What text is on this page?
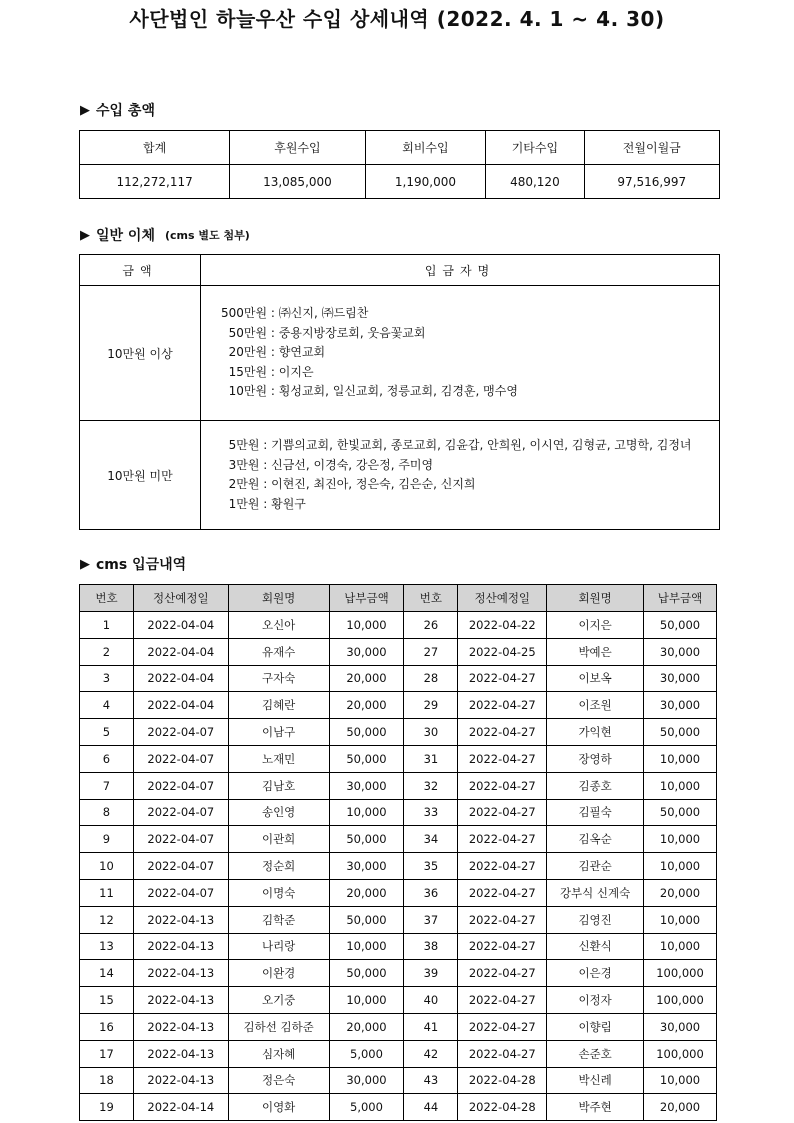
사단법인 하늘우산 수입 상세내역 (2022. 4. 1 ~ 4. 30)
▶ 수입 총액
합계	후원수입	회비수입	기타수입	전월이월금
112,272,117	13,085,000	1,190,000	480,120	97,516,997
▶ 일반 이체 (cms 별도 첨부)
금액	입금자명
10만원 이상	500만원 : ㈜신지, ㈜드림찬
50만원 : 중용지방장로회, 웃음꽃교회
20만원 : 향연교회
15만원 : 이지은
10만원 : 횡성교회, 일신교회, 정릉교회, 김경훈, 맹수영

10만원 미만	5만원 : 기쁨의교회, 한빛교회, 종로교회, 김윤갑, 안희원, 이시연, 김형균, 고명학, 김정녀
3만원 : 신금선, 이경숙, 강은정, 주미영
2만원 : 이현진, 최진아, 정은숙, 김은순, 신지희
1만원 : 황원구
▶ cms 입금내역
번호	정산예정일	회원명	납부금액	번호	정산예정일	회원명	납부금액
1	2022-04-04	오신아	10,000	26	2022-04-22	이지은	50,000
2	2022-04-04	유재수	30,000	27	2022-04-25	박예은	30,000
3	2022-04-04	구자숙	20,000	28	2022-04-27	이보옥	30,000
4	2022-04-04	김혜란	20,000	29	2022-04-27	이조원	30,000
5	2022-04-07	이남구	50,000	30	2022-04-27	가익현	50,000
6	2022-04-07	노재민	50,000	31	2022-04-27	장영하	10,000
7	2022-04-07	김남호	30,000	32	2022-04-27	김종호	10,000
8	2022-04-07	송인영	10,000	33	2022-04-27	김필숙	50,000
9	2022-04-07	이관희	50,000	34	2022-04-27	김옥순	10,000
10	2022-04-07	정순희	30,000	35	2022-04-27	김관순	10,000
11	2022-04-07	이명숙	20,000	36	2022-04-27	강부식 신계숙	20,000
12	2022-04-13	김학준	50,000	37	2022-04-27	김영진	10,000
13	2022-04-13	나리랑	10,000	38	2022-04-27	신환식	10,000
14	2022-04-13	이완경	50,000	39	2022-04-27	이은경	100,000
15	2022-04-13	오기중	10,000	40	2022-04-27	이정자	100,000
16	2022-04-13	김하선 김하준	20,000	41	2022-04-27	이향림	30,000
17	2022-04-13	심자혜	5,000	42	2022-04-27	손준호	100,000
18	2022-04-13	정은숙	30,000	43	2022-04-28	박신레	10,000
19	2022-04-14	이영화	5,000	44	2022-04-28	박주현	20,000
